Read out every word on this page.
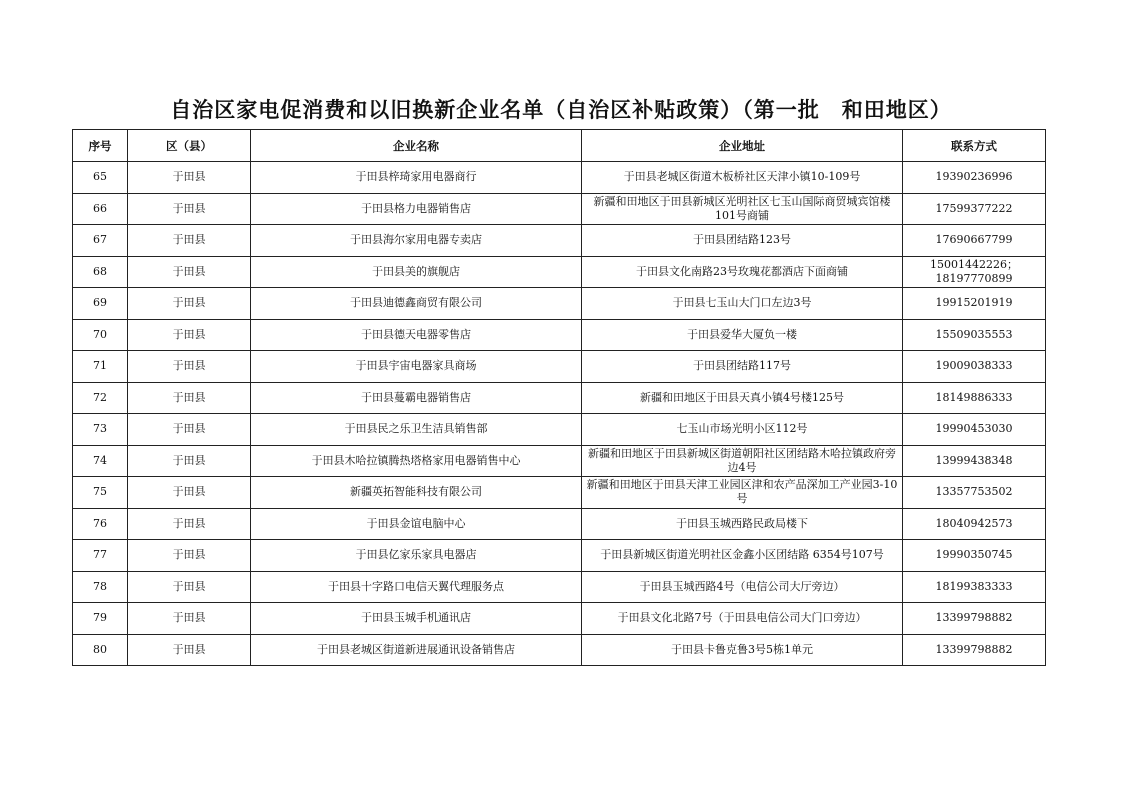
自治区家电促消费和以旧换新企业名单（自治区补贴政策）（第一批　和田地区）
序号	区（县）	企业名称	企业地址	联系方式
65	于田县	于田县梓琦家用电器商行	于田县老城区街道木板桥社区天津小镇10-109号	19390236996
66	于田县	于田县格力电器销售店	新疆和田地区于田县新城区光明社区七玉山国际商贸城宾馆楼101号商铺	17599377222
67	于田县	于田县海尔家用电器专卖店	于田县团结路123号	17690667799
68	于田县	于田县美的旗舰店	于田县文化南路23号玫瑰花都酒店下面商铺	15001442226；18197770899
69	于田县	于田县迪德鑫商贸有限公司	于田县七玉山大门口左边3号	19915201919
70	于田县	于田县德天电器零售店	于田县爱华大厦负一楼	15509035553
71	于田县	于田县宇宙电器家具商场	于田县团结路117号	19009038333
72	于田县	于田县蔓霸电器销售店	新疆和田地区于田县天真小镇4号楼125号	18149886333
73	于田县	于田县民之乐卫生洁具销售部	七玉山市场光明小区112号	19990453030
74	于田县	于田县木哈拉镇腾热塔格家用电器销售中心	新疆和田地区于田县新城区街道朝阳社区团结路木哈拉镇政府旁边4号	13999438348
75	于田县	新疆英拓智能科技有限公司	新疆和田地区于田县天津工业园区津和农产品深加工产业园3-10号	13357753502
76	于田县	于田县金谊电脑中心	于田县玉城西路民政局楼下	18040942573
77	于田县	于田县亿家乐家具电器店	于田县新城区街道光明社区金鑫小区团结路 6354号107号	19990350745
78	于田县	于田县十字路口电信天翼代理服务点	于田县玉城西路4号（电信公司大厅旁边）	18199383333
79	于田县	于田县玉城手机通讯店	于田县文化北路7号（于田县电信公司大门口旁边）	13399798882
80	于田县	于田县老城区街道新进展通讯设备销售店	于田县卡鲁克鲁3号5栋1单元	13399798882
